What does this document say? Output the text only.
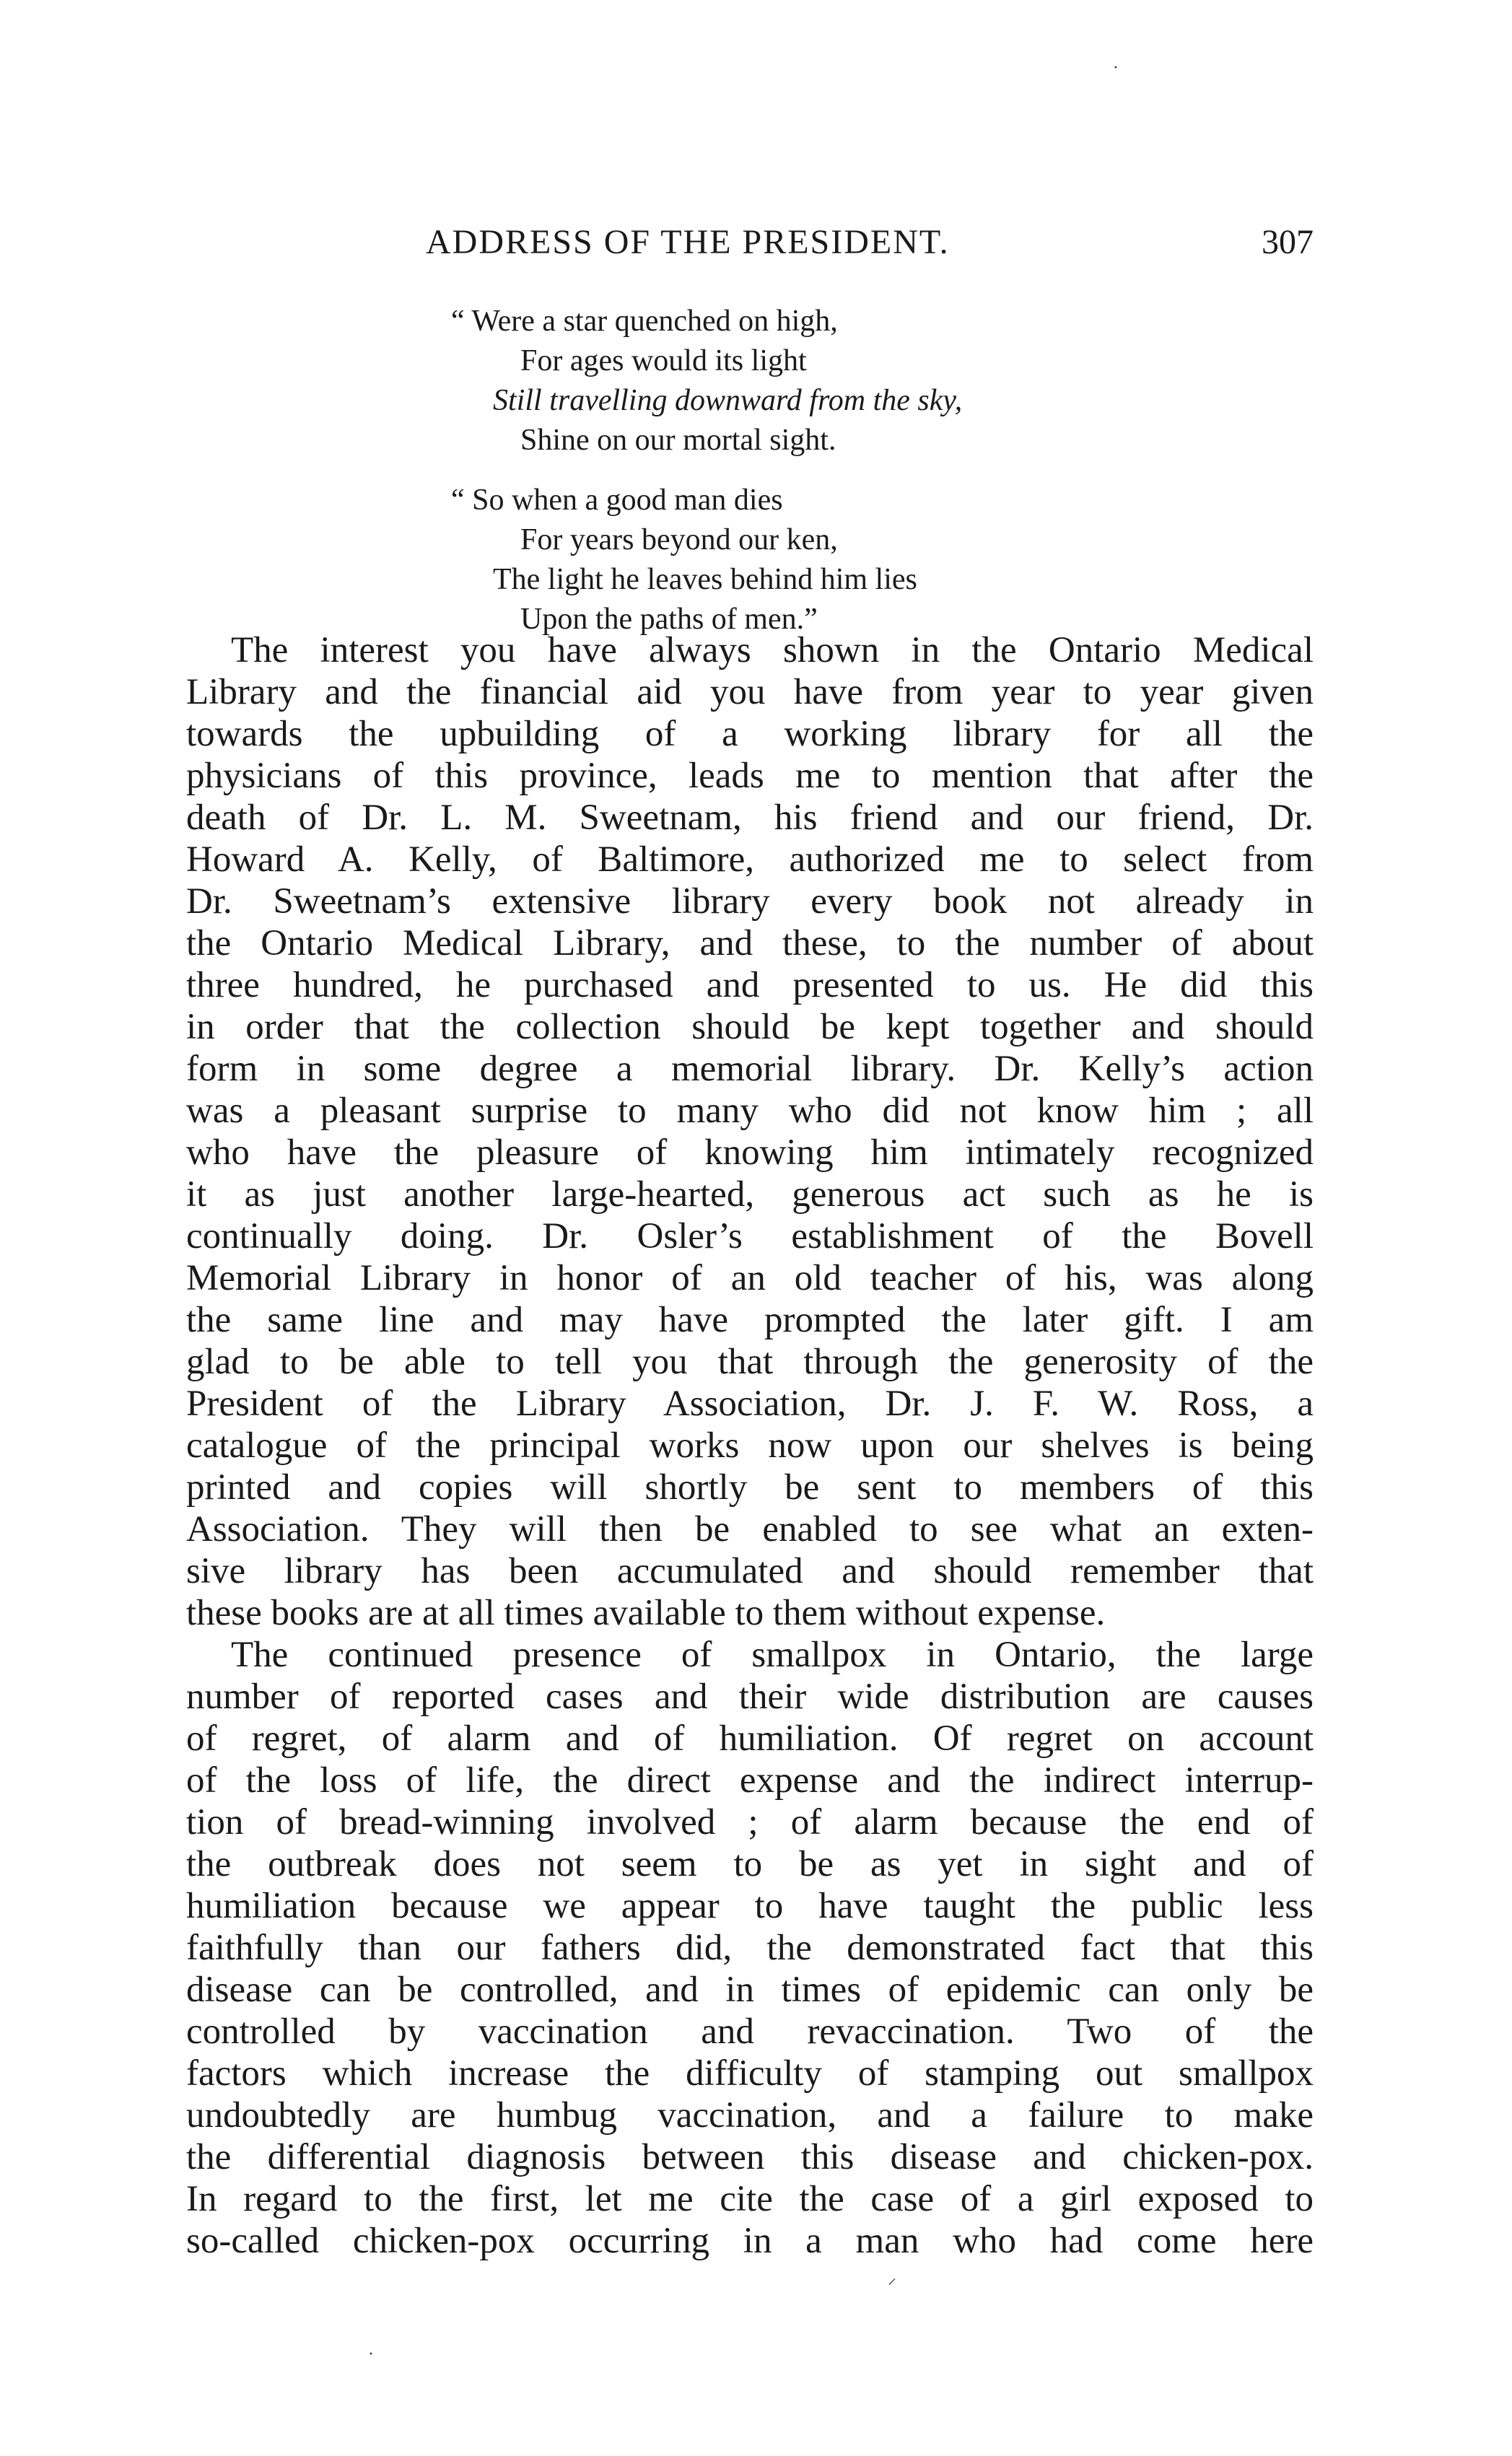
·
ADDRESS OF THE PRESIDENT.	307
“ Were a star quenched on high,
For ages would its light
Still travelling downward from the sky,
Shine on our mortal sight.
“ So when a good man dies
For years beyond our ken,
The light he leaves behind him lies
Upon the paths of men.”
The interest you have always shown in the Ontario Medical
Library and the financial aid you have from year to year given
towards the upbuilding of a working library for all the
physicians of this province, leads me to mention that after the
death of Dr. L. M. Sweetnam, his friend and our friend, Dr.
Howard A. Kelly, of Baltimore, authorized me to select from
Dr. Sweetnam’s extensive library every book not already in
the Ontario Medical Library, and these, to the number of about
three hundred, he purchased and presented to us. He did this
in order that the collection should be kept together and should
form in some degree a memorial library. Dr. Kelly’s action
was a pleasant surprise to many who did not know him ; all
who have the pleasure of knowing him intimately recognized
it as just another large-hearted, generous act such as he is
continually doing. Dr. Osler’s establishment of the Bovell
Memorial Library in honor of an old teacher of his, was along
the same line and may have prompted the later gift. I am
glad to be able to tell you that through the generosity of the
President of the Library Association, Dr. J. F. W. Ross, a
catalogue of the principal works now upon our shelves is being
printed and copies will shortly be sent to members of this
Association. They will then be enabled to see what an exten-
sive library has been accumulated and should remember that
these books are at all times available to them without expense.
The continued presence of smallpox in Ontario, the large
number of reported cases and their wide distribution are causes
of regret, of alarm and of humiliation. Of regret on account
of the loss of life, the direct expense and the indirect interrup-
tion of bread-winning involved ; of alarm because the end of
the outbreak does not seem to be as yet in sight and of
humiliation because we appear to have taught the public less
faithfully than our fathers did, the demonstrated fact that this
disease can be controlled, and in times of epidemic can only be
controlled by vaccination and revaccination. Two of the
factors which increase the difficulty of stamping out smallpox
undoubtedly are humbug vaccination, and a failure to make
the differential diagnosis between this disease and chicken-pox.
In regard to the first, let me cite the case of a girl exposed to
so-called chicken-pox occurring in a man who had come here
⸝
·
